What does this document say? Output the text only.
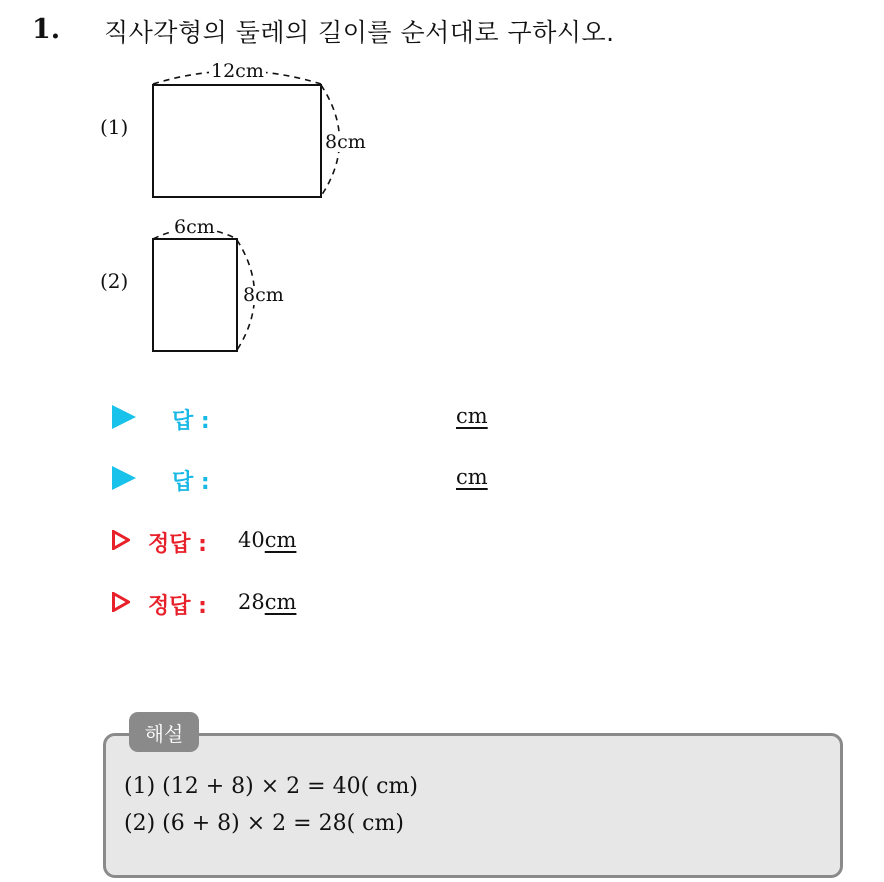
1. 직사각형의 둘레의 길이를 순서대로 구하시오.
(1)
12cm
8cm
(2)
6cm
8cm
답 :	cm
답 :	cm
정답 : 40cm
정답 : 28cm
해설
(1) (12 + 8) × 2 = 40( cm)
(2) (6 + 8) × 2 = 28( cm)
